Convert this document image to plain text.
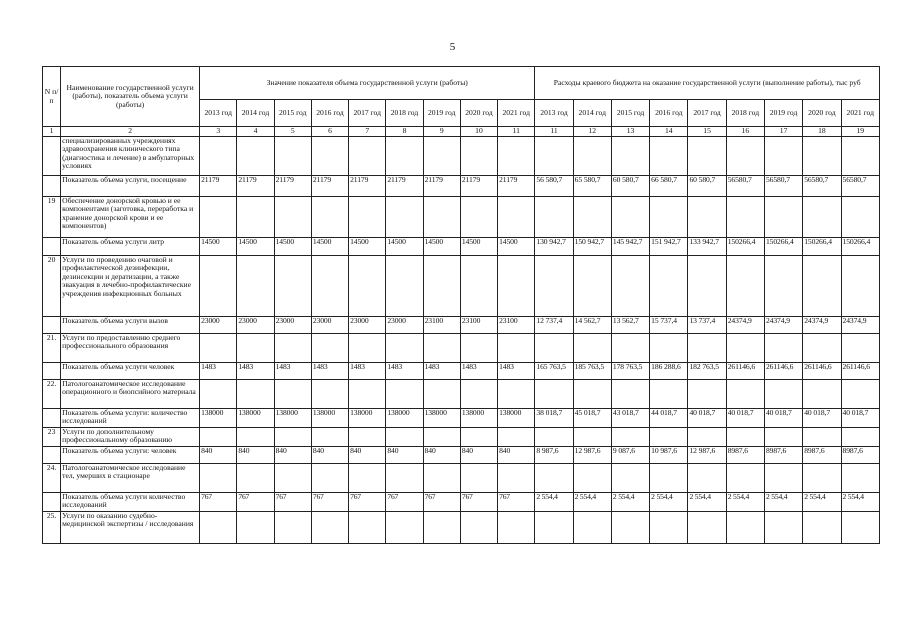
5
N п/п	Наименование государственной услуги (работы), показатель объема услуги (работы)	Значение показателя объема государственной услуги (работы)									Расходы краевого бюджета на оказание государственной услуги (выполнение работы), тыс руб								
		2013 год	2014 год	2015 год	2016 год	2017 год	2018 год	2019 год	2020 год	2021 год	2013 год	2014 год	2015 год	2016 год	2017 год	2018 год	2019 год	2020 год	2021 год
1	2	3	4	5	6	7	8	9	10	11	11	12	13	14	15	16	17	18	19
	специализированных учреждениях здравоохранения клинического типа (диагностика и лечение) в амбулаторных условиях																		
	Показатель объема услуги, посещение	21179	21179	21179	21179	21179	21179	21179	21179	21179	56 580,7	65 580,7	60 580,7	66 580,7	60 580,7	56580,7	56580,7	56580,7	56580,7
19	Обеспечение донорской кровью и ее компонентами (заготовка, переработка и хранение донорской крови и ее компонентов)																		
	Показатель объема услуги литр	14500	14500	14500	14500	14500	14500	14500	14500	14500	130 942,7	150 942,7	145 942,7	151 942,7	133 942,7	150266,4	150266,4	150266,4	150266,4
20	Услуги по проведению очаговой и профилактической дезинфекции, дезинсекции и дератизации, а также эвакуация в лечебно-профилактические учреждения инфекционных больных																		
	Показатель объема услуги вызов	23000	23000	23000	23000	23000	23000	23100	23100	23100	12 737,4	14 562,7	13 562,7	15 737,4	13 737,4	24374,9	24374,9	24374,9	24374,9
21.	Услуги по предоставлению среднего профессионального образования																		
	Показатель объема услуги человек	1483	1483	1483	1483	1483	1483	1483	1483	1483	165 763,5	185 763,5	178 763,5	186 288,6	182 763,5	261146,6	261146,6	261146,6	261146,6
22.	Патологоанатомическое исследование операционного и биопсийного материала																		
	Показатель объема услуги: количество исследований	138000	138000	138000	138000	138000	138000	138000	138000	138000	38 018,7	45 018,7	43 018,7	44 018,7	40 018,7	40 018,7	40 018,7	40 018,7	40 018,7
23	Услуги по дополнительному профессиональному образованию																		
	Показатель объема услуги: человек	840	840	840	840	840	840	840	840	840	8 987,6	12 987,6	9 087,6	10 987,6	12 987,6	8987,6	8987,6	8987,6	8987,6
24.	Патологоанатомическое исследование тел, умерших в стационаре																		
	Показатель объема услуги количество исследований	767	767	767	767	767	767	767	767	767	2 554,4	2 554,4	2 554,4	2 554,4	2 554,4	2 554,4	2 554,4	2 554,4	2 554,4
25.	Услуги по оказанию судебно-медицинской экспертизы / исследования																		
